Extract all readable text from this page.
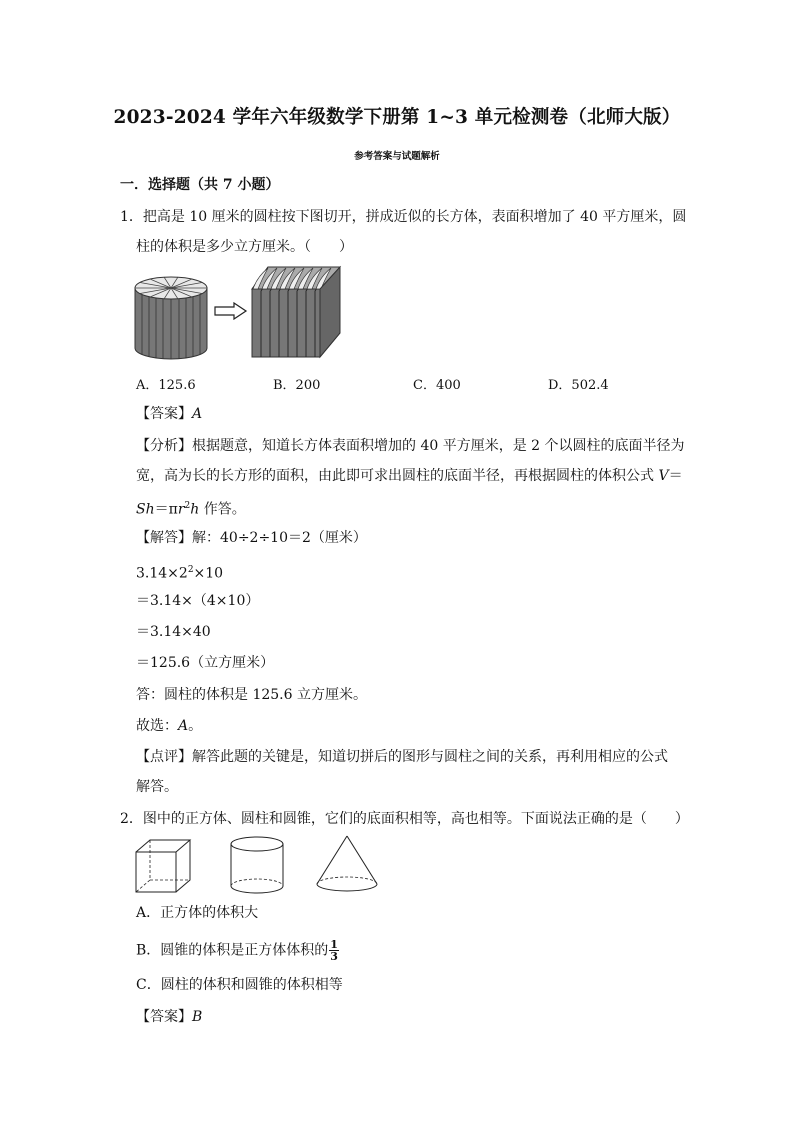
2023-2024 学年六年级数学下册第 1~3 单元检测卷（北师大版）
参考答案与试题解析
一．选择题（共 7 小题）
1．把高是 10 厘米的圆柱按下图切开，拼成近似的长方体，表面积增加了 40 平方厘米，圆
柱的体积是多少立方厘米。（　　）
A．125.6	B．200	C．400	D．502.4
【答案】A
【分析】根据题意，知道长方体表面积增加的 40 平方厘米，是 2 个以圆柱的底面半径为
宽，高为长的长方形的面积，由此即可求出圆柱的底面半径，再根据圆柱的体积公式 V＝
$Sh=\pi r^2h$ 作答。
【解答】解：40÷2÷10＝2（厘米）
$3.14\times 2^2\times 10$
＝3.14×（4×10）
＝3.14×40
＝125.6（立方厘米）
答：圆柱的体积是 125.6 立方厘米。
故选：A。
【点评】解答此题的关键是，知道切拼后的图形与圆柱之间的关系，再利用相应的公式
解答。
2．图中的正方体、圆柱和圆锥，它们的底面积相等，高也相等。下面说法正确的是（　　）
A．正方体的体积大
B．圆锥的体积是正方体体积的 $\frac{1}{3}$
C．圆柱的体积和圆锥的体积相等
【答案】B
